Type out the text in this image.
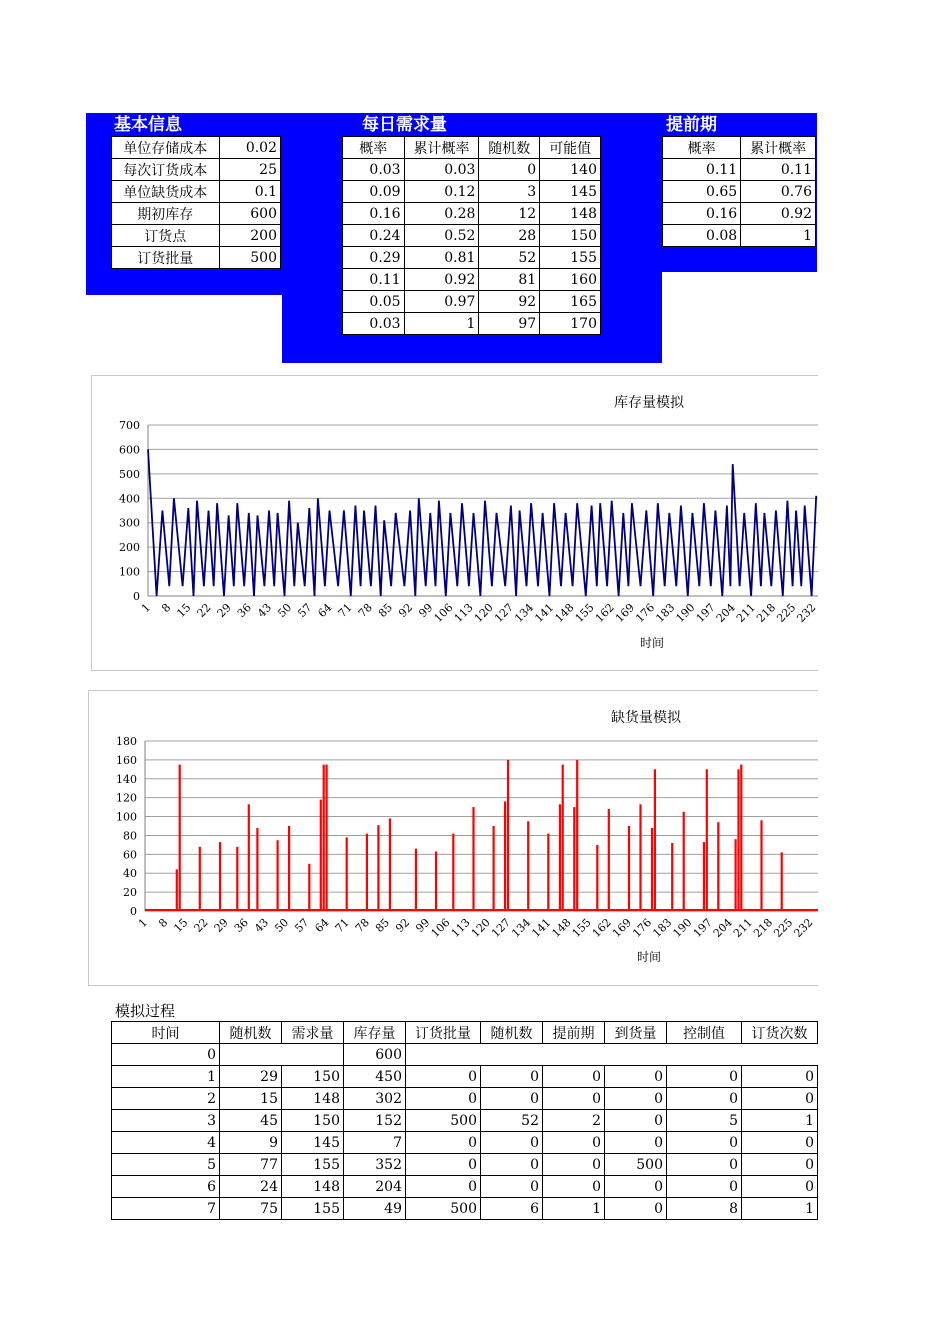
基本信息	每日需求量	提前期
单位存储成本	0.02
每次订货成本	25
单位缺货成本	0.1
期初库存	600
订货点	200
订货批量	500
概率	累计概率	随机数	可能值
0.03	0.03	0	140
0.09	0.12	3	145
0.16	0.28	12	148
0.24	0.52	28	150
0.29	0.81	52	155
0.11	0.92	81	160
0.05	0.97	92	165
0.03	1	97	170
概率	累计概率
0.11	0.11
0.65	0.76
0.16	0.92
0.08	1
库存量模拟
0
100
200
300
400
500
600
700
1 8 15 22 29 36 43 50 57 64 71 78 85 92 99
106
113
120
127
134
141
148
155
162
169
176
183
190
197
204
211
218
225
232
时间
缺货量模拟
0
20
40
60
80
100
120
140
160
180
1 8 15 22 29 36 43 50 57 64 71 78 85 92 99
106
113
120
127
134
141
148
155
162
169
176
183
190
197
204
211
218
225
232
时间
模拟过程
时间	随机数	需求量	库存量	订货批量	随机数	提前期	到货量	控制值	订货次数
0			600						
1	29	150	450	0	0	0	0	0	0
2	15	148	302	0	0	0	0	0	0
3	45	150	152	500	52	2	0	5	1
4	9	145	7	0	0	0	0	0	0
5	77	155	352	0	0	0	500	0	0
6	24	148	204	0	0	0	0	0	0
7	75	155	49	500	6	1	0	8	1
